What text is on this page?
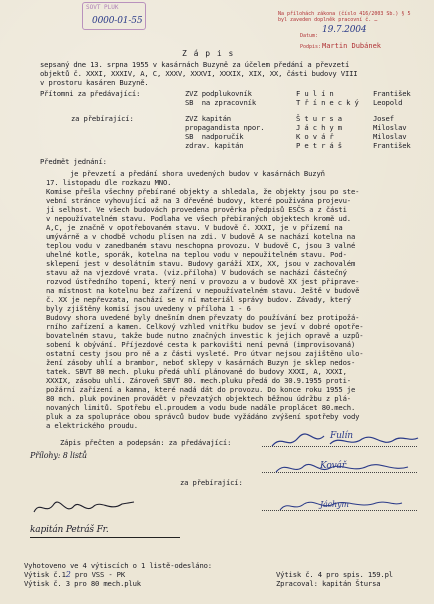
SOVT PLUK
0000-01-55
Na přílohách zákona (číslo 416/2003 Sb.) § 5
byl zaveden doplněk pracovní č. …
Datum:
19.7.2004
Podpis: Martin Dubánek
Z á p i s
sepsaný dne 13. srpna 1955 v kasárnách Buzyně za účelem předání a převzetí
objektů č. XXXI, XXXIV, A, C, XXXV, XXXVI, XXXIX, XIX, XX, části budovy VIII
v prostoru kasáren Buzyně.
Přítomni za předávající:	ZVZ podplukovník	F u l í n	František
SB  na zpracovník	T ř í n e c k ý Leopold
za přebírající:	ZVZ kapitán	Š t u r s a	Josef
propagandista npor.	J á c h y m	Miloslav
SB  nadporučík	K o v á ř	Miloslav
zdrav. kapitán	P e t r á š	František
Předmět jednání:
je převzetí a předání shora uvedených budov v kasárnách Buzyň
17. listopadu dle rozkazu MNO.
Komise přešla všechny přebírané objekty a shledala, že objekty jsou po ste-
vební stránce vyhovující až na 3 dřevěné budovy, které použivána projevu-
jí selhost. Ve všech budovách provedena prověrka předpisů ESČS a z části
v nepoužívatelném stavu. Podlaha ve všech přebíraných objektech kromě ud.
A,C, je značně v opotřebovaném stavu. V budově č. XXXI, je v přízemí na
umývárně a v chodbě vchodu plísen na zdi. V budově A se nachází kotelna na
teplou vodu v zanedbaném stavu neschopna provozu. V budově C, jsou 3 valné
uhelné kotle, sporák, kotelna na teplou vodu v nepoužitelném stavu. Pod-
sklepení jest v desolátním stavu. Budovy garáží XIX, XX, jsou v zachovalém
stavu až na vjezdové vrata. (viz.příloha) V budovách se nachází částečný
rozvod ústředního topení, který není v provozu a v budově XX jest připrave-
na místnost na kotelnu bez zařízení v nepoužívatelném stavu. Ještě v budově
č. XX je nepřevzata, nachází se v ní materiál správy budov. Závady, který
byly zjištěny komisí jsou uvedeny v příloha 1 - 6
Budovy shora uvedené byly dnešním dnem převzaty do používání bez protipožá-
rního zařízení a kamen. Celkový vzhled vnitřku budov se jeví v dobré opotře-
bovatelném stavu, takže bude nutno značných investic k jejich opravě a uzpů-
sobení k obývání. Příjezdové cesta k parkovišti není pevná (improvisovaná)
ostatní cesty jsou pro ně a z části vysleté. Pro útvar nejsou zajištěno ulo-
žení zásoby uhlí a brambor, neboť sklepy v kasárnách Buzyn je sklep nedos-
tatek. SBVT 80 mech. pluku předá uhlí plánované do budovy XXXI, A, XXXI,
XXXIX, zásobu uhlí. Zároveň SBVT 80. mech.pluku předá do 30.9.1955 proti-
požární zařízení a kamna, které nadá dát do provozu. Do konce roku 1955 je
80 mch. pluk povinen provádět v převzatých objektech běžnou údržbu z plá-
novaných limitů. Spotřebu el.proudem a vodu bude nadále proplácet 80.mech.
pluk a za spolupráce obou správců budov bude vyžádáno zvýšení spotřeby vody
a elektrického proudu.
Zápis přečten a podepsán: za předávající:
Fulín
Přílohy: 8 listů
Kovář
za přebírající:
Jáchym
kapitán Petráš Fr.
Vyhotoveno ve 4 výtiscích o 1 listě-odesláno:
Výtisk č.12 pro VSS - PK
Výtisk č. 3 pro 80 mech.pluk
Výtisk č. 4 pro spis. 159.pl
Zpracoval: kapitán Štursa
